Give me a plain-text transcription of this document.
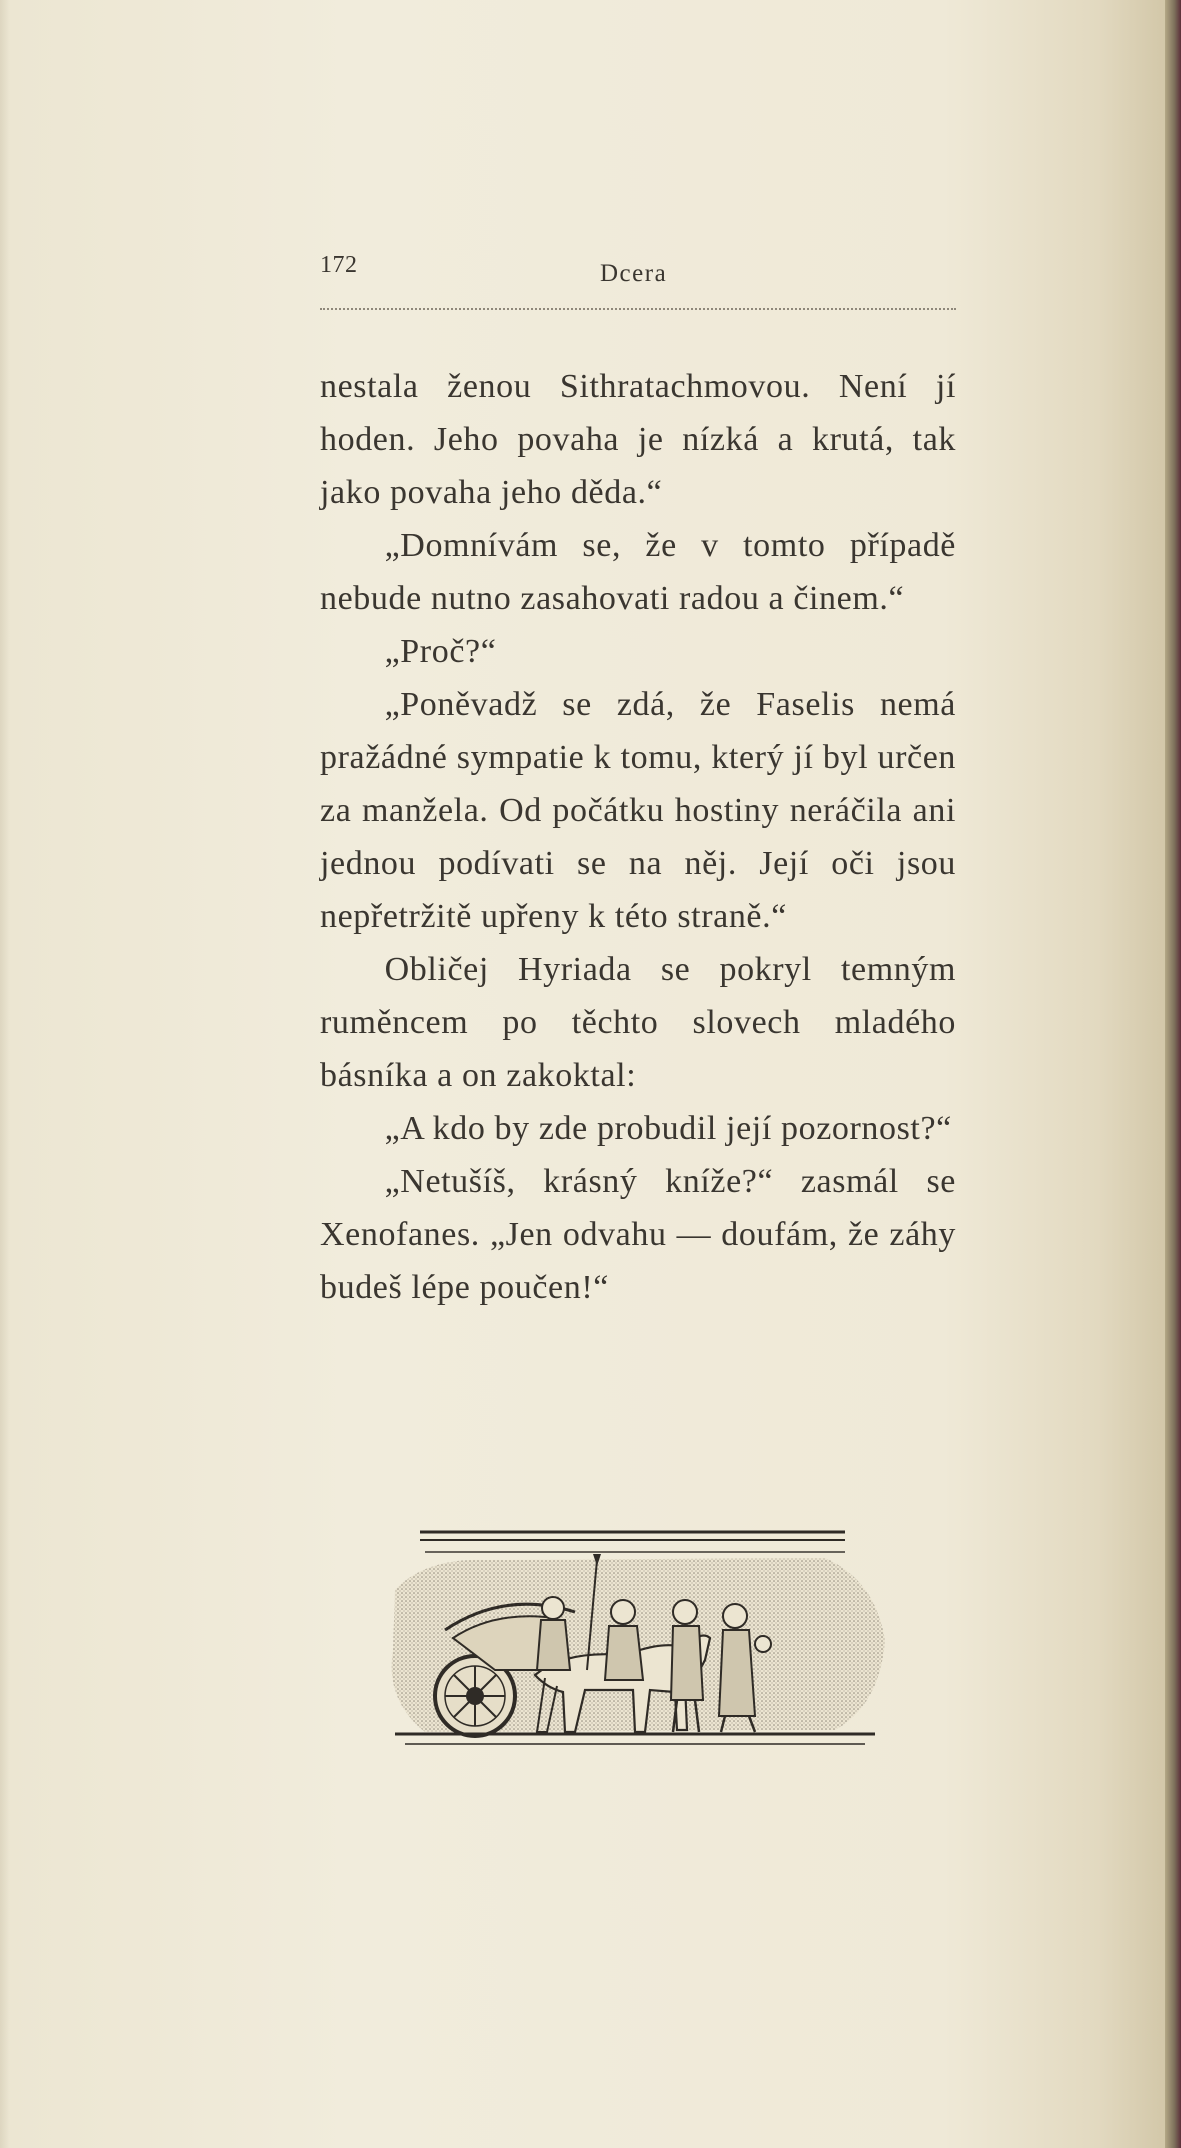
172	Dcera

nestala ženou Sithratachmovou. Není jí hoden. Jeho povaha je nízká a krutá, tak jako povaha jeho děda.“

„Domnívám se, že v tomto případě nebude nutno zasahovati radou a činem.“

„Proč?“

„Poněvadž se zdá, že Faselis nemá pražádné sympatie k tomu, který jí byl určen za manžela. Od počátku hostiny neráčila ani jednou podívati se na něj. Její oči jsou nepřetržitě upřeny k této straně.“

Obličej Hyriada se pokryl temným ruměncem po těchto slovech mladého básníka a on zakoktal:

„A kdo by zde probudil její pozornost?“

„Netušíš, krásný kníže?“ zasmál se Xenofanes. „Jen odvahu — doufám, že záhy budeš lépe poučen!“
